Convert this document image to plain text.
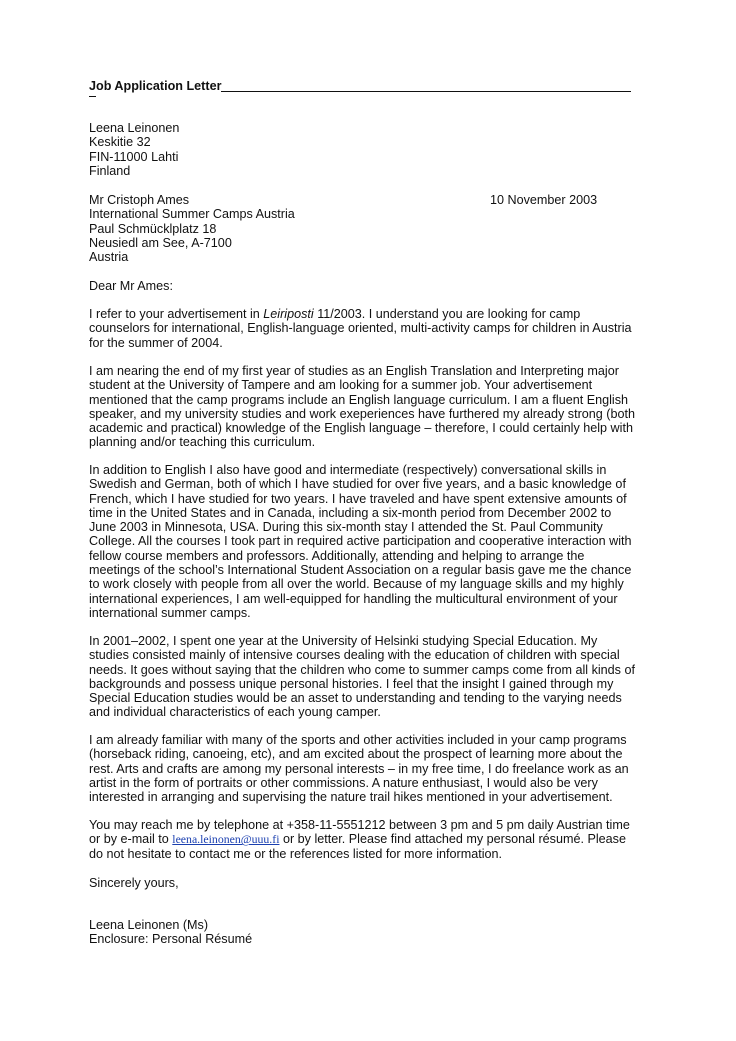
Job Application Letter
Leena Leinonen
Keskitie 32
FIN-11000 Lahti
Finland
Mr Cristoph Ames
International Summer Camps Austria
Paul Schmücklplatz 18
Neusiedl am See, A-7100
Austria
10 November 2003
Dear Mr Ames:

I refer to your advertisement in Leiriposti 11/2003. I understand you are looking for camp counselors for international, English-language oriented, multi-activity camps for children in Austria for the summer of 2004.

I am nearing the end of my first year of studies as an English Translation and Interpreting major student at the University of Tampere and am looking for a summer job. Your advertisement mentioned that the camp programs include an English language curriculum. I am a fluent English speaker, and my university studies and work exeperiences have furthered my already strong (both academic and practical) knowledge of the English language – therefore, I could certainly help with planning and/or teaching this curriculum.

In addition to English I also have good and intermediate (respectively) conversational skills in Swedish and German, both of which I have studied for over five years, and a basic knowledge of French, which I have studied for two years. I have traveled and have spent extensive amounts of time in the United States and in Canada, including a six-month period from December 2002 to June 2003 in Minnesota, USA. During this six-month stay I attended the St. Paul Community College. All the courses I took part in required active participation and cooperative interaction with fellow course members and professors. Additionally, attending and helping to arrange the meetings of the school’s International Student Association on a regular basis gave me the chance to work closely with people from all over the world. Because of my language skills and my highly international experiences, I am well-equipped for handling the multicultural environment of your international summer camps.

In 2001–2002, I spent one year at the University of Helsinki studying Special Education. My studies consisted mainly of intensive courses dealing with the education of children with special needs. It goes without saying that the children who come to summer camps come from all kinds of backgrounds and possess unique personal histories. I feel that the insight I gained through my Special Education studies would be an asset to understanding and tending to the varying needs and individual characteristics of each young camper.

I am already familiar with many of the sports and other activities included in your camp programs (horseback riding, canoeing, etc), and am excited about the prospect of learning more about the rest. Arts and crafts are among my personal interests – in my free time, I do freelance work as an artist in the form of portraits or other commissions. A nature enthusiast, I would also be very interested in arranging and supervising the nature trail hikes mentioned in your advertisement.

You may reach me by telephone at +358-11-5551212 between 3 pm and 5 pm daily Austrian time or by e-mail to leena.leinonen@uuu.fi or by letter. Please find attached my personal résumé. Please do not hesitate to contact me or the references listed for more information.

Sincerely yours,
Leena Leinonen (Ms)
Enclosure: Personal Résumé
